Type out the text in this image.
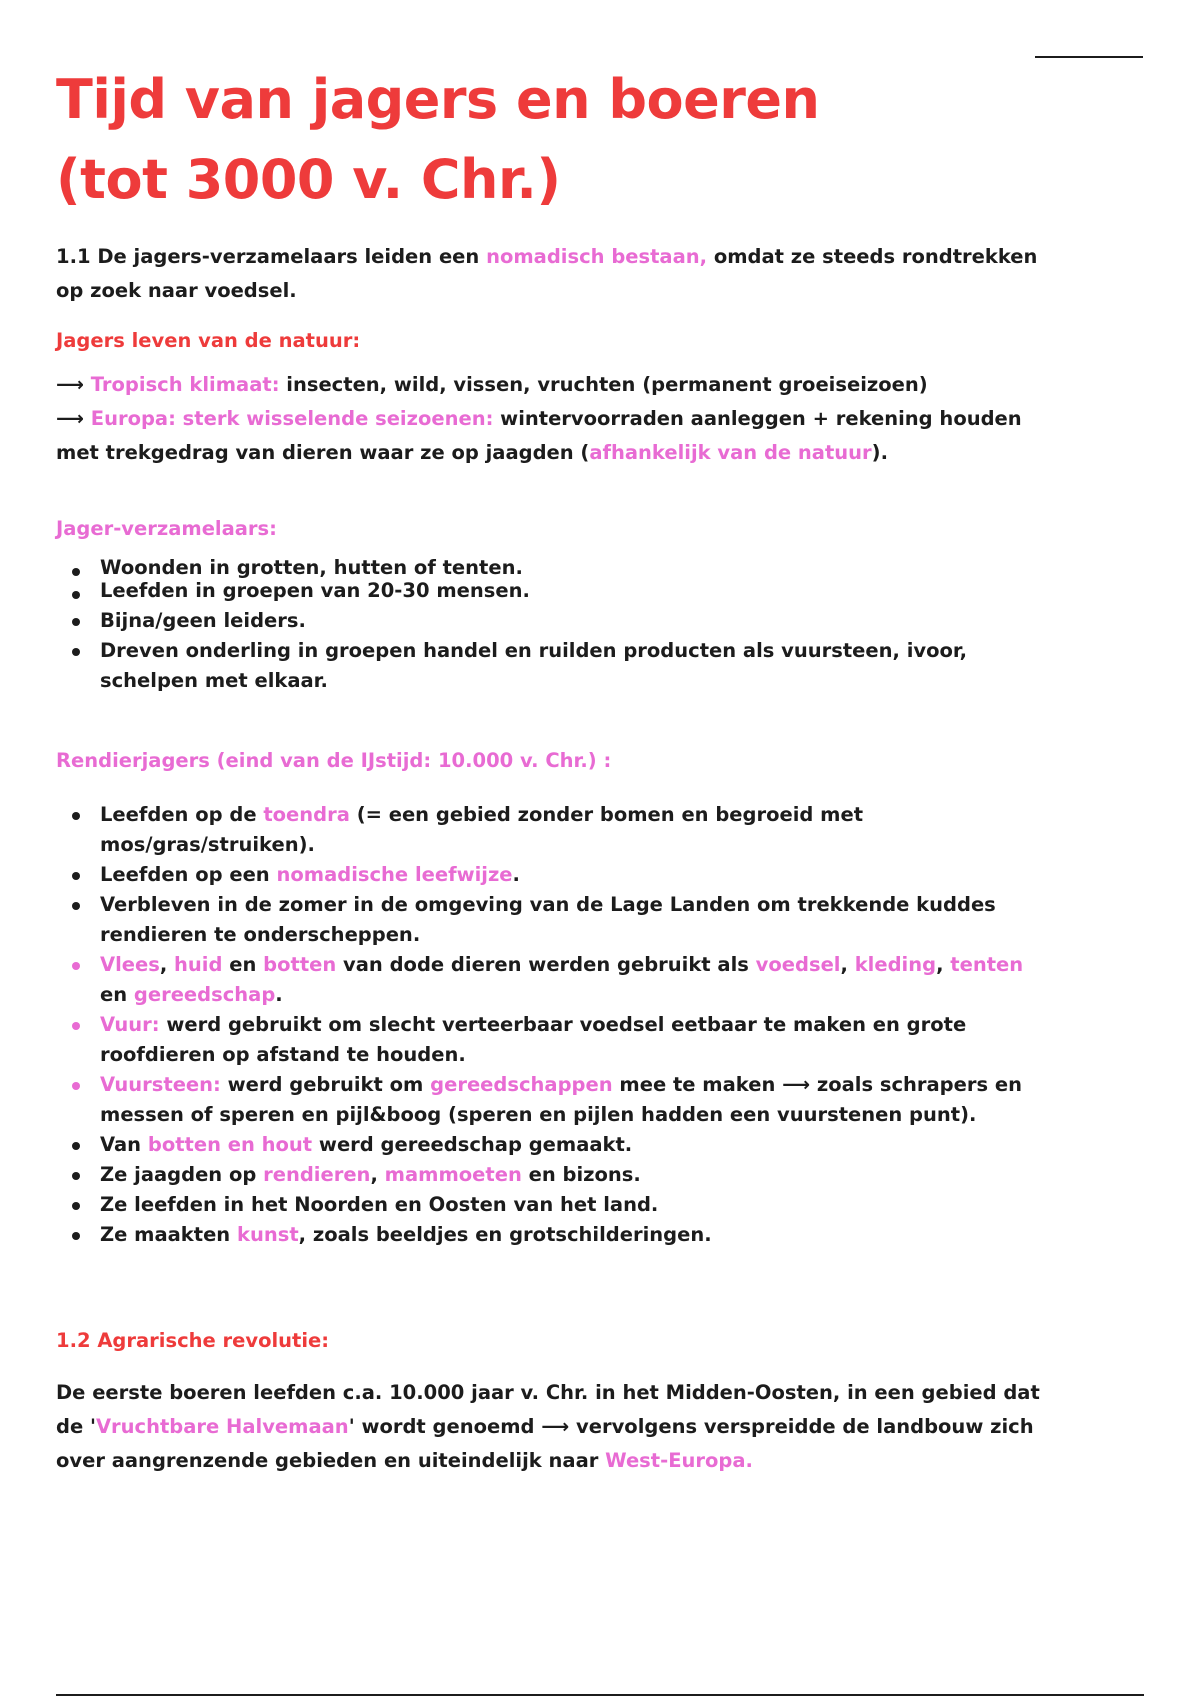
Tijd van jagers en boeren (tot 3000 v. Chr.)

1.1 De jagers-verzamelaars leiden een nomadisch bestaan, omdat ze steeds rondtrekken op zoek naar voedsel.

Jagers leven van de natuur:

⟶ Tropisch klimaat: insecten, wild, vissen, vruchten (permanent groeiseizoen)

⟶ Europa: sterk wisselende seizoenen: wintervoorraden aanleggen + rekening houden met trekgedrag van dieren waar ze op jaagden (afhankelijk van de natuur).

Jager-verzamelaars:
Woonden in grotten, hutten of tenten.
Leefden in groepen van 20-30 mensen.
Bijna/geen leiders.
Dreven onderling in groepen handel en ruilden producten als vuursteen, ivoor, schelpen met elkaar.
Rendierjagers (eind van de IJstijd: 10.000 v. Chr.) :
Leefden op de toendra (= een gebied zonder bomen en begroeid met mos/gras/struiken).
Leefden op een nomadische leefwijze.
Verbleven in de zomer in de omgeving van de Lage Landen om trekkende kuddes rendieren te onderscheppen.
Vlees, huid en botten van dode dieren werden gebruikt als voedsel, kleding, tenten en gereedschap.
Vuur: werd gebruikt om slecht verteerbaar voedsel eetbaar te maken en grote roofdieren op afstand te houden.
Vuursteen: werd gebruikt om gereedschappen mee te maken ⟶ zoals schrapers en messen of speren en pijl&boog (speren en pijlen hadden een vuurstenen punt).
Van botten en hout werd gereedschap gemaakt.
Ze jaagden op rendieren, mammoeten en bizons.
Ze leefden in het Noorden en Oosten van het land.
Ze maakten kunst, zoals beeldjes en grotschilderingen.
1.2 Agrarische revolutie:

De eerste boeren leefden c.a. 10.000 jaar v. Chr. in het Midden-Oosten, in een gebied dat de 'Vruchtbare Halvemaan' wordt genoemd ⟶ vervolgens verspreidde de landbouw zich over aangrenzende gebieden en uiteindelijk naar West-Europa.
